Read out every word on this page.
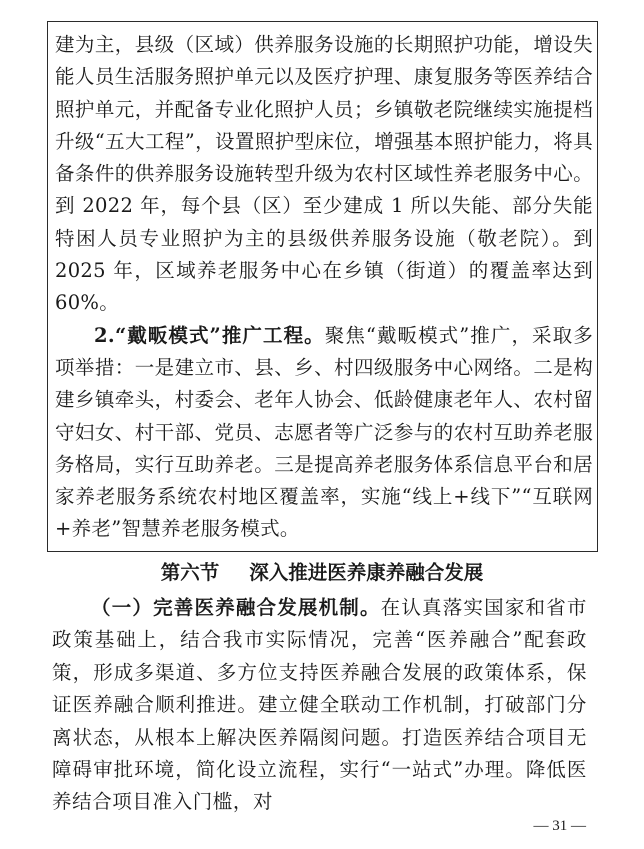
建为主，县级（区域）供养服务设施的长期照护功能，增设失能人员生活服务照护单元以及医疗护理、康复服务等医养结合照护单元，并配备专业化照护人员；乡镇敬老院继续实施提档升级“五大工程”，设置照护型床位，增强基本照护能力，将具备条件的供养服务设施转型升级为农村区域性养老服务中心。到 2022 年，每个县（区）至少建成 1 所以失能、部分失能特困人员专业照护为主的县级供养服务设施（敬老院）。到 2025 年，区域养老服务中心在乡镇（街道）的覆盖率达到 60%。

2.“戴畈模式”推广工程。聚焦“戴畈模式”推广，采取多项举措：一是建立市、县、乡、村四级服务中心网络。二是构建乡镇牵头，村委会、老年人协会、低龄健康老年人、农村留守妇女、村干部、党员、志愿者等广泛参与的农村互助养老服务格局，实行互助养老。三是提高养老服务体系信息平台和居家养老服务系统农村地区覆盖率，实施“线上+线下”“互联网+养老”智慧养老服务模式。

第六节 深入推进医养康养融合发展

（一）完善医养融合发展机制。在认真落实国家和省市政策基础上，结合我市实际情况，完善“医养融合”配套政策，形成多渠道、多方位支持医养融合发展的政策体系，保证医养融合顺利推进。建立健全联动工作机制，打破部门分离状态，从根本上解决医养隔阂问题。打造医养结合项目无障碍审批环境，简化设立流程，实行“一站式”办理。降低医养结合项目准入门槛，对

— 31 —
